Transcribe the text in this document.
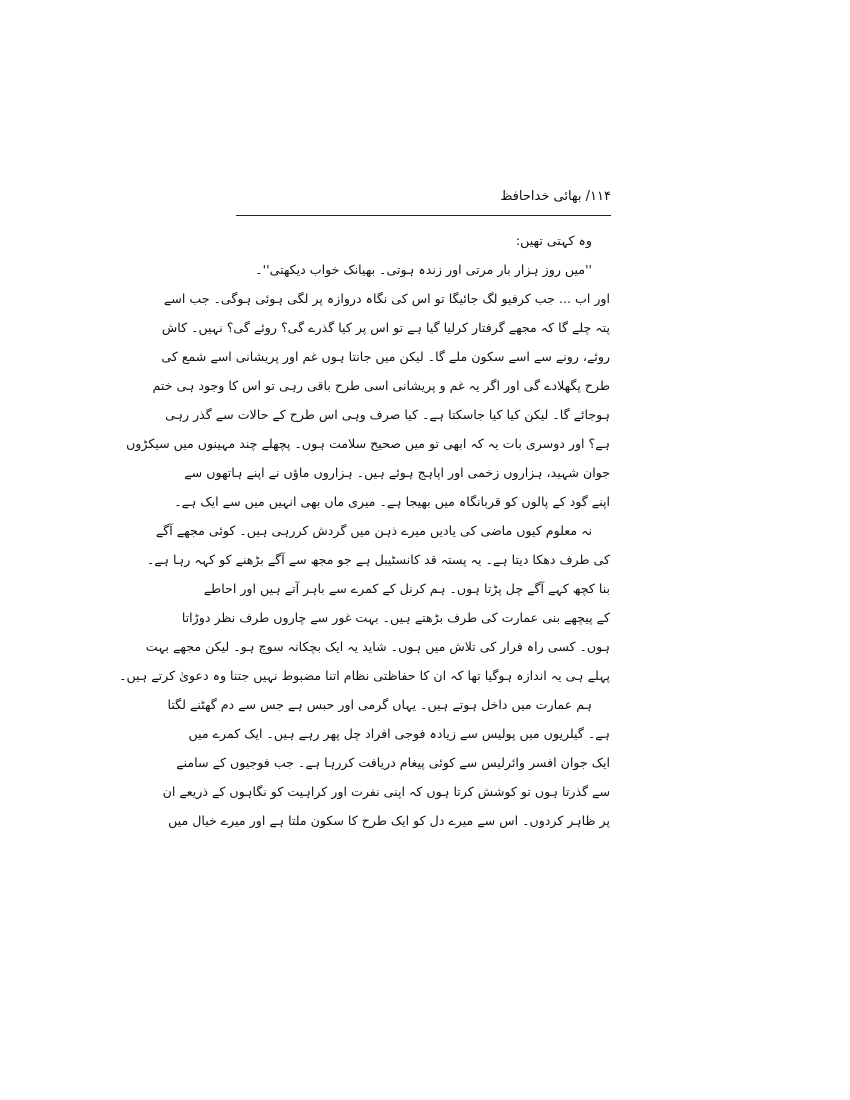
۱۱۴/ بھائی خداحافظ
وہ کہتی تھیں:
''میں روز ہزار بار مرتی اور زندہ ہوتی۔ بھیانک خواب دیکھتی''۔
اور اب ... جب کرفیو لگ جائیگا تو اس کی نگاہ دروازہ پر لگی ہوئی ہوگی۔ جب اسے
پتہ چلے گا کہ مجھے گرفتار کرلیا گیا ہے تو اس پر کیا گذرے گی؟ روئے گی؟ نہیں۔ کاش
روئے، رونے سے اسے سکون ملے گا۔ لیکن میں جانتا ہوں غم اور پریشانی اسے شمع کی
طرح پگھلادے گی اور اگر یہ غم و پریشانی اسی طرح باقی رہی تو اس کا وجود ہی ختم
ہوجائے گا۔ لیکن کیا کیا جاسکتا ہے۔ کیا صرف وہی اس طرح کے حالات سے گذر رہی
ہے؟ اور دوسری بات یہ کہ ابھی تو میں صحیح سلامت ہوں۔ پچھلے چند مہینوں میں سیکڑوں
جوان شہید، ہزاروں زخمی اور اپاہج ہوئے ہیں۔ ہزاروں ماؤں نے اپنے ہاتھوں سے
اپنے گود کے پالوں کو قربانگاہ میں بھیجا ہے۔ میری ماں بھی انہیں میں سے ایک ہے۔
نہ معلوم کیوں ماضی کی یادیں میرے ذہن میں گردش کررہی ہیں۔ کوئی مجھے آگے
کی طرف دھکا دیتا ہے۔ یہ پستہ قد کانسٹیبل ہے جو مجھ سے آگے بڑھنے کو کہہ رہا ہے۔
بنا کچھ کہے آگے چل پڑتا ہوں۔ ہم کرنل کے کمرے سے باہر آتے ہیں اور احاطے
کے پیچھے بنی عمارت کی طرف بڑھتے ہیں۔ بہت غور سے چاروں طرف نظر دوڑاتا
ہوں۔ کسی راہ فرار کی تلاش میں ہوں۔ شاید یہ ایک بچکانہ سوچ ہو۔ لیکن مجھے بہت
پہلے ہی یہ اندازہ ہوگیا تھا کہ ان کا حفاظتی نظام اتنا مضبوط نہیں جتنا وہ دعویٰ کرتے ہیں۔
ہم عمارت میں داخل ہوتے ہیں۔ یہاں گرمی اور حبس ہے جس سے دم گھٹنے لگتا
ہے۔ گیلریوں میں پولیس سے زیادہ فوجی افراد چل پھر رہے ہیں۔ ایک کمرے میں
ایک جوان افسر وائرلیس سے کوئی پیغام دریافت کررہا ہے۔ جب فوجیوں کے سامنے
سے گذرتا ہوں تو کوشش کرتا ہوں کہ اپنی نفرت اور کراہیت کو نگاہوں کے ذریعے ان
پر ظاہر کردوں۔ اس سے میرے دل کو ایک طرح کا سکون ملتا ہے اور میرے خیال میں
